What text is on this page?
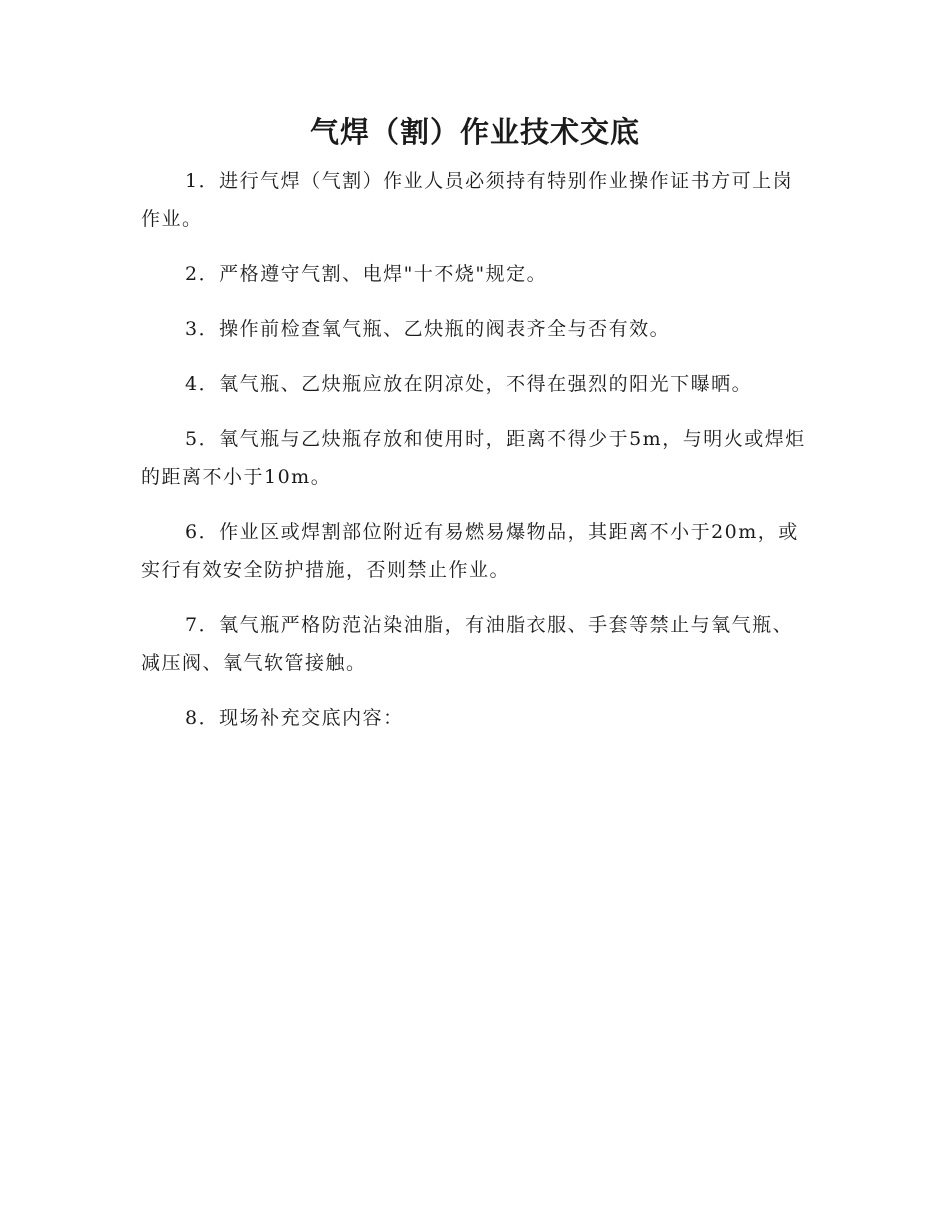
气焊（割）作业技术交底

1．进行气焊（气割）作业人员必须持有特别作业操作证书方可上岗作业。

2．严格遵守气割、电焊"十不烧"规定。

3．操作前检查氧气瓶、乙炔瓶的阀表齐全与否有效。

4．氧气瓶、乙炔瓶应放在阴凉处，不得在强烈的阳光下曝晒。

5．氧气瓶与乙炔瓶存放和使用时，距离不得少于5m，与明火或焊炬的距离不小于10m。

6．作业区或焊割部位附近有易燃易爆物品，其距离不小于20m，或实行有效安全防护措施，否则禁止作业。

7．氧气瓶严格防范沾染油脂，有油脂衣服、手套等禁止与氧气瓶、减压阀、氧气软管接触。

8．现场补充交底内容：
